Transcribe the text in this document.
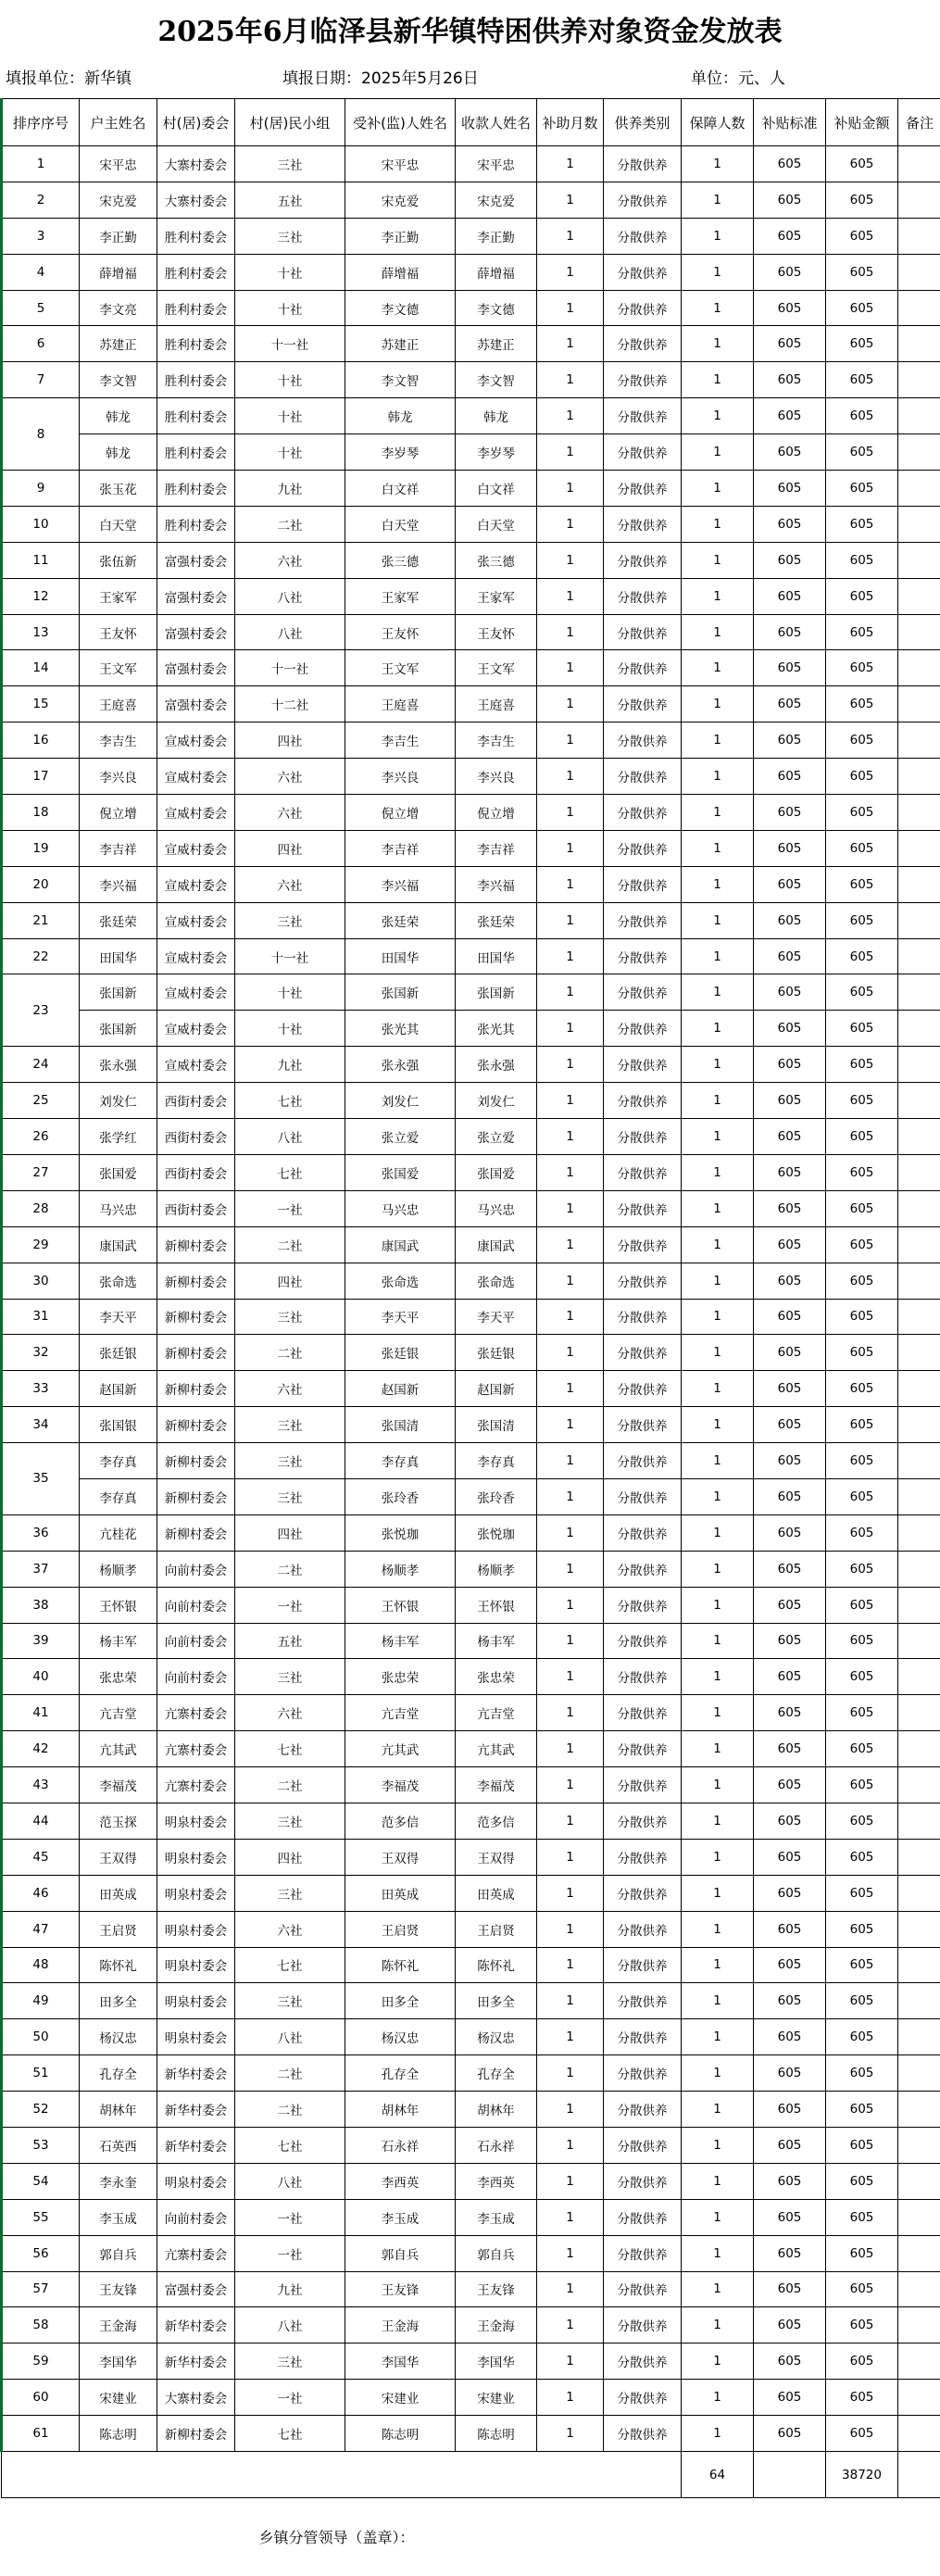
2025年6月临泽县新华镇特困供养对象资金发放表
填报单位：新华镇	填报日期：2025年5月26日	单位：元、人
排序序号	户主姓名	村(居)委会	村(居)民小组	受补(监)人姓名	收款人姓名	补助月数	供养类别	保障人数	补贴标准	补贴金额	备注
1	宋平忠	大寨村委会	三社	宋平忠	宋平忠	1	分散供养	1	605	605	
2	宋克爱	大寨村委会	五社	宋克爱	宋克爱	1	分散供养	1	605	605	
3	李正勤	胜利村委会	三社	李正勤	李正勤	1	分散供养	1	605	605	
4	薛增福	胜利村委会	十社	薛增福	薛增福	1	分散供养	1	605	605	
5	李文亮	胜利村委会	十社	李文德	李文德	1	分散供养	1	605	605	
6	苏建正	胜利村委会	十一社	苏建正	苏建正	1	分散供养	1	605	605	
7	李文智	胜利村委会	十社	李文智	李文智	1	分散供养	1	605	605	
8	韩龙	胜利村委会	十社	韩龙	韩龙	1	分散供养	1	605	605	
	韩龙	胜利村委会	十社	李岁琴	李岁琴	1	分散供养	1	605	605	
9	张玉花	胜利村委会	九社	白文祥	白文祥	1	分散供养	1	605	605	
10	白天堂	胜利村委会	二社	白天堂	白天堂	1	分散供养	1	605	605	
11	张伍新	富强村委会	六社	张三德	张三德	1	分散供养	1	605	605	
12	王家军	富强村委会	八社	王家军	王家军	1	分散供养	1	605	605	
13	王友怀	富强村委会	八社	王友怀	王友怀	1	分散供养	1	605	605	
14	王文军	富强村委会	十一社	王文军	王文军	1	分散供养	1	605	605	
15	王庭喜	富强村委会	十二社	王庭喜	王庭喜	1	分散供养	1	605	605	
16	李吉生	宣威村委会	四社	李吉生	李吉生	1	分散供养	1	605	605	
17	李兴良	宣威村委会	六社	李兴良	李兴良	1	分散供养	1	605	605	
18	倪立增	宣威村委会	六社	倪立增	倪立增	1	分散供养	1	605	605	
19	李吉祥	宣威村委会	四社	李吉祥	李吉祥	1	分散供养	1	605	605	
20	李兴福	宣威村委会	六社	李兴福	李兴福	1	分散供养	1	605	605	
21	张廷荣	宣威村委会	三社	张廷荣	张廷荣	1	分散供养	1	605	605	
22	田国华	宣威村委会	十一社	田国华	田国华	1	分散供养	1	605	605	
23	张国新	宣威村委会	十社	张国新	张国新	1	分散供养	1	605	605	
	张国新	宣威村委会	十社	张光其	张光其	1	分散供养	1	605	605	
24	张永强	宣威村委会	九社	张永强	张永强	1	分散供养	1	605	605	
25	刘发仁	西街村委会	七社	刘发仁	刘发仁	1	分散供养	1	605	605	
26	张学红	西街村委会	八社	张立爱	张立爱	1	分散供养	1	605	605	
27	张国爱	西街村委会	七社	张国爱	张国爱	1	分散供养	1	605	605	
28	马兴忠	西街村委会	一社	马兴忠	马兴忠	1	分散供养	1	605	605	
29	康国武	新柳村委会	二社	康国武	康国武	1	分散供养	1	605	605	
30	张命选	新柳村委会	四社	张命选	张命选	1	分散供养	1	605	605	
31	李天平	新柳村委会	三社	李天平	李天平	1	分散供养	1	605	605	
32	张廷银	新柳村委会	二社	张廷银	张廷银	1	分散供养	1	605	605	
33	赵国新	新柳村委会	六社	赵国新	赵国新	1	分散供养	1	605	605	
34	张国银	新柳村委会	三社	张国清	张国清	1	分散供养	1	605	605	
35	李存真	新柳村委会	三社	李存真	李存真	1	分散供养	1	605	605	
	李存真	新柳村委会	三社	张玲香	张玲香	1	分散供养	1	605	605	
36	亢桂花	新柳村委会	四社	张悦珈	张悦珈	1	分散供养	1	605	605	
37	杨顺孝	向前村委会	二社	杨顺孝	杨顺孝	1	分散供养	1	605	605	
38	王怀银	向前村委会	一社	王怀银	王怀银	1	分散供养	1	605	605	
39	杨丰军	向前村委会	五社	杨丰军	杨丰军	1	分散供养	1	605	605	
40	张忠荣	向前村委会	三社	张忠荣	张忠荣	1	分散供养	1	605	605	
41	亢吉堂	亢寨村委会	六社	亢吉堂	亢吉堂	1	分散供养	1	605	605	
42	亢其武	亢寨村委会	七社	亢其武	亢其武	1	分散供养	1	605	605	
43	李福茂	亢寨村委会	二社	李福茂	李福茂	1	分散供养	1	605	605	
44	范玉探	明泉村委会	三社	范多信	范多信	1	分散供养	1	605	605	
45	王双得	明泉村委会	四社	王双得	王双得	1	分散供养	1	605	605	
46	田英成	明泉村委会	三社	田英成	田英成	1	分散供养	1	605	605	
47	王启贤	明泉村委会	六社	王启贤	王启贤	1	分散供养	1	605	605	
48	陈怀礼	明泉村委会	七社	陈怀礼	陈怀礼	1	分散供养	1	605	605	
49	田多全	明泉村委会	三社	田多全	田多全	1	分散供养	1	605	605	
50	杨汉忠	明泉村委会	八社	杨汉忠	杨汉忠	1	分散供养	1	605	605	
51	孔存全	新华村委会	二社	孔存全	孔存全	1	分散供养	1	605	605	
52	胡林年	新华村委会	二社	胡林年	胡林年	1	分散供养	1	605	605	
53	石英西	新华村委会	七社	石永祥	石永祥	1	分散供养	1	605	605	
54	李永奎	明泉村委会	八社	李西英	李西英	1	分散供养	1	605	605	
55	李玉成	向前村委会	一社	李玉成	李玉成	1	分散供养	1	605	605	
56	郭自兵	亢寨村委会	一社	郭自兵	郭自兵	1	分散供养	1	605	605	
57	王友锋	富强村委会	九社	王友锋	王友锋	1	分散供养	1	605	605	
58	王金海	新华村委会	八社	王金海	王金海	1	分散供养	1	605	605	
59	李国华	新华村委会	三社	李国华	李国华	1	分散供养	1	605	605	
60	宋建业	大寨村委会	一社	宋建业	宋建业	1	分散供养	1	605	605	
61	陈志明	新柳村委会	七社	陈志明	陈志明	1	分散供养	1	605	605	
								64		38720	
乡镇分管领导（盖章）：											
